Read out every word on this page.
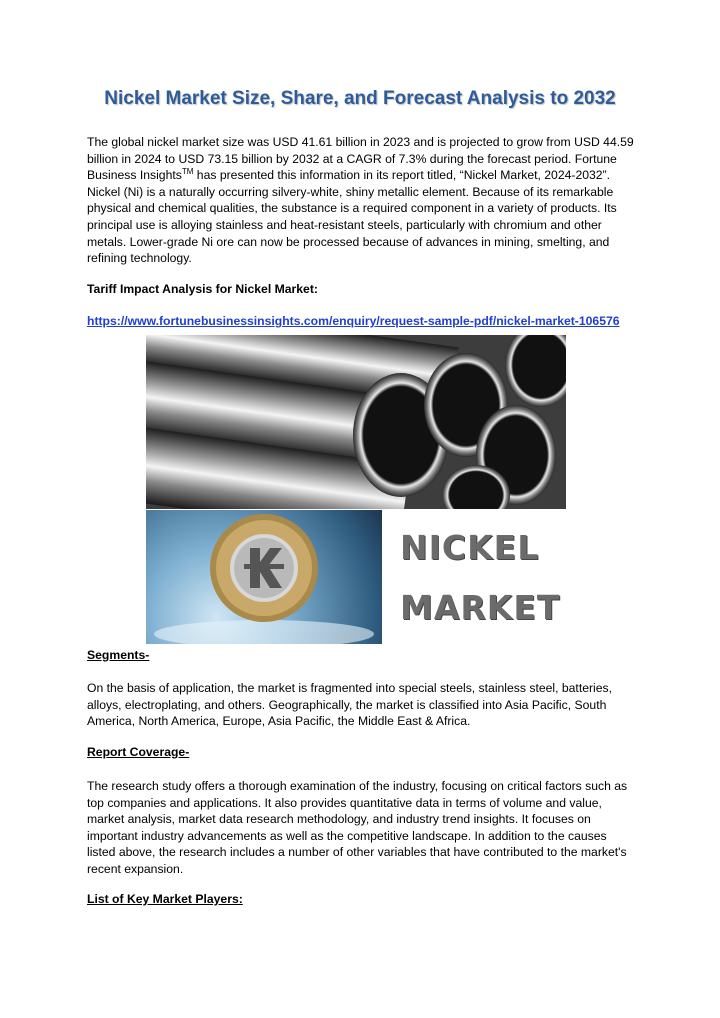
Nickel Market Size, Share, and Forecast Analysis to 2032

The global nickel market size was USD 41.61 billion in 2023 and is projected to grow from USD 44.59 billion in 2024 to USD 73.15 billion by 2032 at a CAGR of 7.3% during the forecast period. Fortune Business Insights™ has presented this information in its report titled, “Nickel Market, 2024-2032”. Nickel (Ni) is a naturally occurring silvery-white, shiny metallic element. Because of its remarkable physical and chemical qualities, the substance is a required component in a variety of products. Its principal use is alloying stainless and heat-resistant steels, particularly with chromium and other metals. Lower-grade Ni ore can now be processed because of advances in mining, smelting, and refining technology.

Tariff Impact Analysis for Nickel Market:

https://www.fortunebusinessinsights.com/enquiry/request-sample-pdf/nickel-market-106576
NICKEL
MARKET

Segments-

On the basis of application, the market is fragmented into special steels, stainless steel, batteries, alloys, electroplating, and others. Geographically, the market is classified into Asia Pacific, South America, North America, Europe, Asia Pacific, the Middle East & Africa.

Report Coverage-

The research study offers a thorough examination of the industry, focusing on critical factors such as top companies and applications. It also provides quantitative data in terms of volume and value, market analysis, market data research methodology, and industry trend insights. It focuses on important industry advancements as well as the competitive landscape. In addition to the causes listed above, the research includes a number of other variables that have contributed to the market's recent expansion.

List of Key Market Players:
